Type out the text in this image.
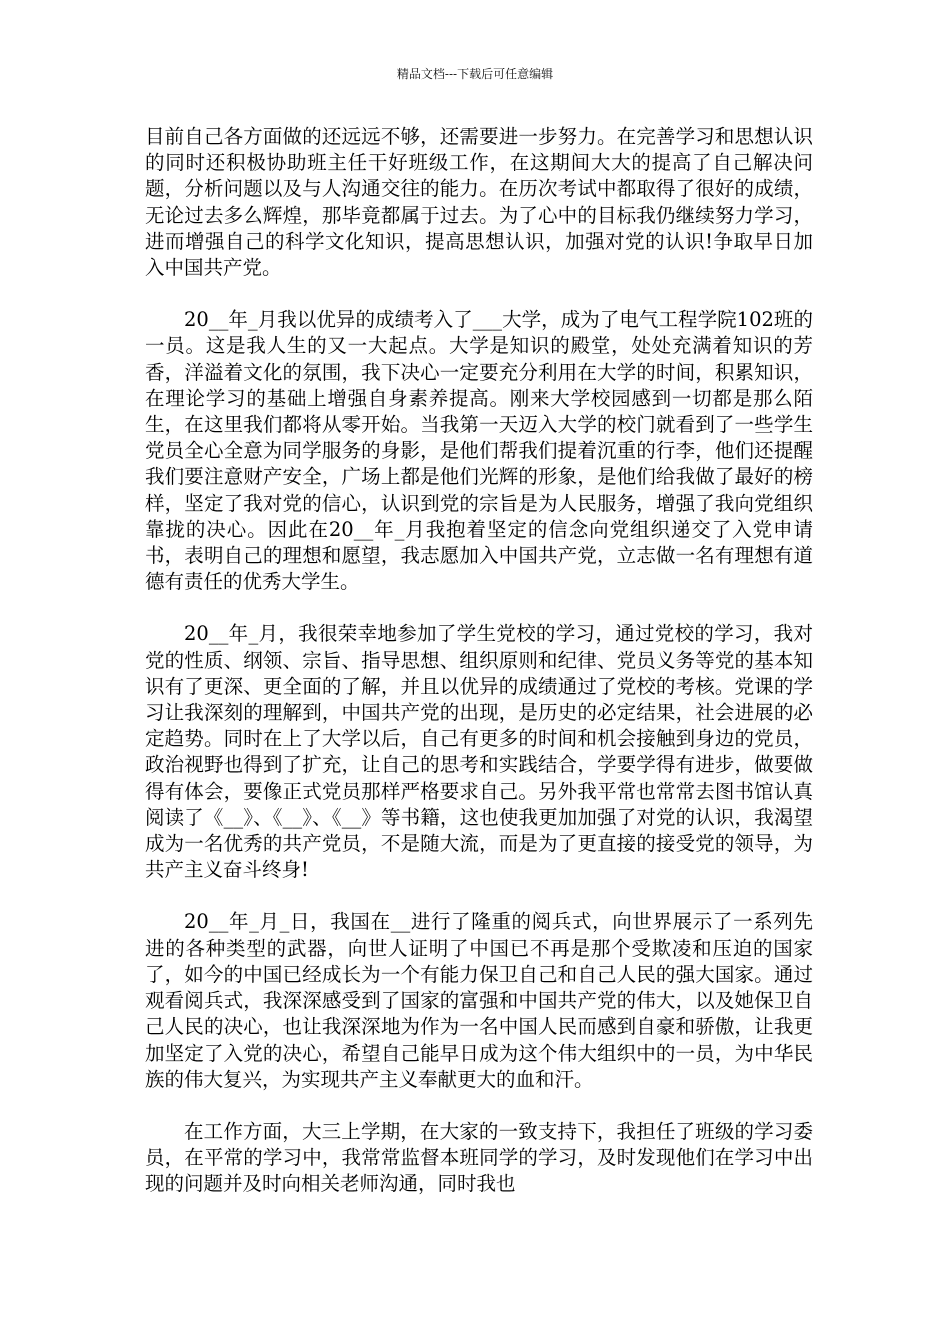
精品文档---下载后可任意编辑

目前自己各方面做的还远远不够，还需要进一步努力。在完善学习和思想认识的同时还积极协助班主任干好班级工作，在这期间大大的提高了自己解决问题，分析问题以及与人沟通交往的能力。在历次考试中都取得了很好的成绩，无论过去多么辉煌，那毕竟都属于过去。为了心中的目标我仍继续努力学习，进而增强自己的科学文化知识，提高思想认识，加强对党的认识!争取早日加入中国共产党。

20__年_月我以优异的成绩考入了___大学，成为了电气工程学院102班的一员。这是我人生的又一大起点。大学是知识的殿堂，处处充满着知识的芳香，洋溢着文化的氛围，我下决心一定要充分利用在大学的时间，积累知识，在理论学习的基础上增强自身素养提高。刚来大学校园感到一切都是那么陌生，在这里我们都将从零开始。当我第一天迈入大学的校门就看到了一些学生党员全心全意为同学服务的身影，是他们帮我们提着沉重的行李，他们还提醒我们要注意财产安全，广场上都是他们光辉的形象，是他们给我做了最好的榜样，坚定了我对党的信心，认识到党的宗旨是为人民服务，增强了我向党组织靠拢的决心。因此在20__年_月我抱着坚定的信念向党组织递交了入党申请书，表明自己的理想和愿望，我志愿加入中国共产党，立志做一名有理想有道德有责任的优秀大学生。

20__年_月，我很荣幸地参加了学生党校的学习，通过党校的学习，我对党的性质、纲领、宗旨、指导思想、组织原则和纪律、党员义务等党的基本知识有了更深、更全面的了解，并且以优异的成绩通过了党校的考核。党课的学习让我深刻的理解到，中国共产党的出现，是历史的必定结果，社会进展的必定趋势。同时在上了大学以后，自己有更多的时间和机会接触到身边的党员，政治视野也得到了扩充，让自己的思考和实践结合，学要学得有进步，做要做得有体会，要像正式党员那样严格要求自己。另外我平常也常常去图书馆认真阅读了《__》、《__》、《__》等书籍，这也使我更加加强了对党的认识，我渴望成为一名优秀的共产党员，不是随大流，而是为了更直接的接受党的领导，为共产主义奋斗终身!

20__年_月_日，我国在__进行了隆重的阅兵式，向世界展示了一系列先进的各种类型的武器，向世人证明了中国已不再是那个受欺凌和压迫的国家了，如今的中国已经成长为一个有能力保卫自己和自己人民的强大国家。通过观看阅兵式，我深深感受到了国家的富强和中国共产党的伟大，以及她保卫自己人民的决心，也让我深深地为作为一名中国人民而感到自豪和骄傲，让我更加坚定了入党的决心，希望自己能早日成为这个伟大组织中的一员，为中华民族的伟大复兴，为实现共产主义奉献更大的血和汗。

在工作方面，大三上学期，在大家的一致支持下，我担任了班级的学习委员，在平常的学习中，我常常监督本班同学的学习，及时发现他们在学习中出现的问题并及时向相关老师沟通，同时我也
